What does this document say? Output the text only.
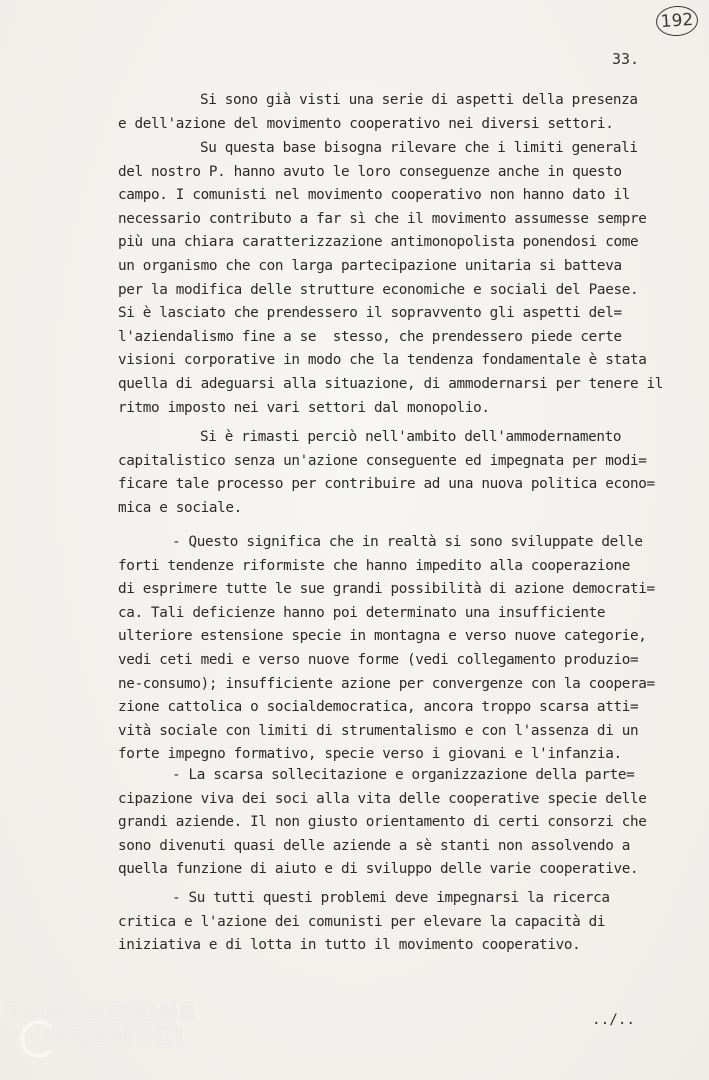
192
33.
Si sono già visti una serie di aspetti della presenza
e dell'azione del movimento cooperativo nei diversi settori.
Su questa base bisogna rilevare che i limiti generali
del nostro P. hanno avuto le loro conseguenze anche in questo
campo. I comunisti nel movimento cooperativo non hanno dato il
necessario contributo a far sì che il movimento assumesse sempre
più una chiara caratterizzazione antimonopolista ponendosi come
un organismo che con larga partecipazione unitaria si batteva
per la modifica delle strutture economiche e sociali del Paese.
Si è lasciato che prendessero il sopravvento gli aspetti del=
l'aziendalismo fine a se  stesso, che prendessero piede certe
visioni corporative in modo che la tendenza fondamentale è stata
quella di adeguarsi alla situazione, di ammodernarsi per tenere il
ritmo imposto nei vari settori dal monopolio.
Si è rimasti perciò nell'ambito dell'ammodernamento
capitalistico senza un'azione conseguente ed impegnata per modi=
ficare tale processo per contribuire ad una nuova politica econo=
mica e sociale.
- Questo significa che in realtà si sono sviluppate delle
forti tendenze riformiste che hanno impedito alla cooperazione
di esprimere tutte le sue grandi possibilità di azione democrati=
ca. Tali deficienze hanno poi determinato una insufficiente
ulteriore estensione specie in montagna e verso nuove categorie,
vedi ceti medi e verso nuove forme (vedi collegamento produzio=
ne-consumo); insufficiente azione per convergenze con la coopera=
zione cattolica o socialdemocratica, ancora troppo scarsa atti=
vità sociale con limiti di strumentalismo e con l'assenza di un
forte impegno formativo, specie verso i giovani e l'infanzia.
- La scarsa sollecitazione e organizzazione della parte=
cipazione viva dei soci alla vita delle cooperative specie delle
grandi aziende. Il non giusto orientamento di certi consorzi che
sono divenuti quasi delle aziende a sè stanti non assolvendo a
quella funzione di aiuto e di sviluppo delle varie cooperative.
- Su tutti questi problemi deve impegnarsi la ricerca
critica e l'azione dei comunisti per elevare la capacità di
iniziativa e di lotta in tutto il movimento cooperativo.
../..
FONDAZIONE
GRAMSCI
